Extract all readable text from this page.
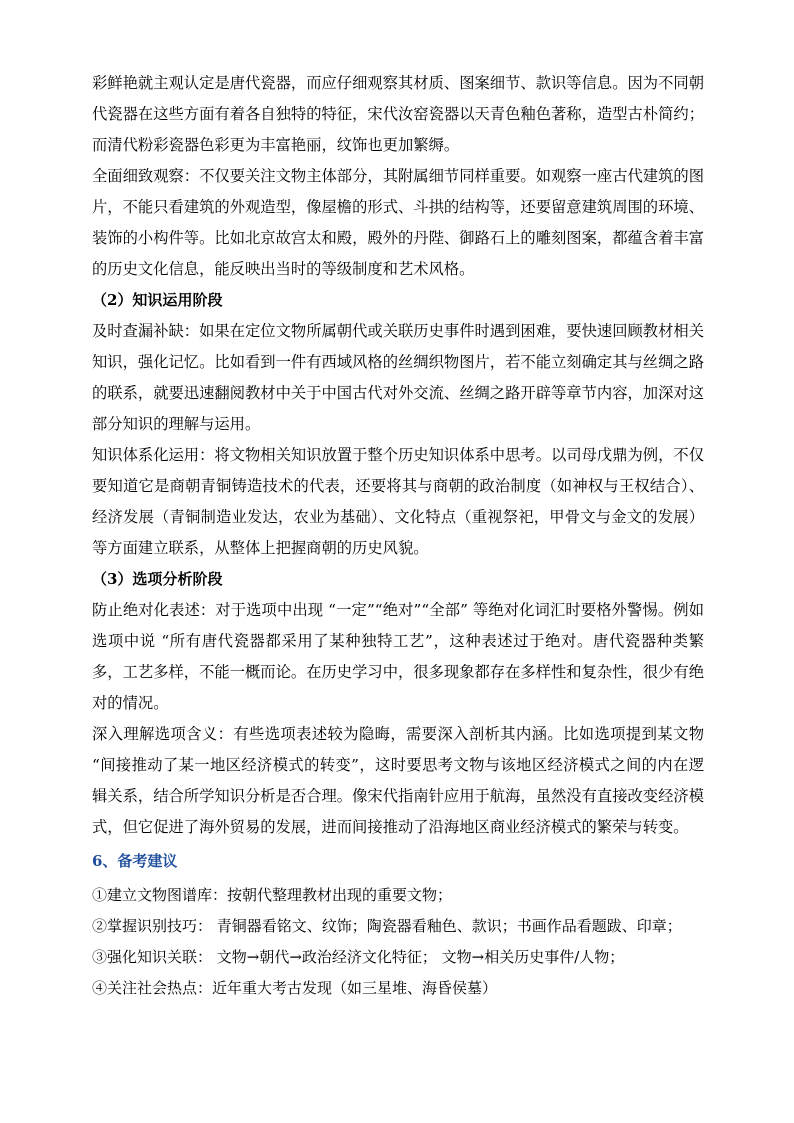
彩鲜艳就主观认定是唐代瓷器，而应仔细观察其材质、图案细节、款识等信息。因为不同朝代瓷器在这些方面有着各自独特的特征，宋代汝窑瓷器以天青色釉色著称，造型古朴简约；而清代粉彩瓷器色彩更为丰富艳丽，纹饰也更加繁缛。

全面细致观察：不仅要关注文物主体部分，其附属细节同样重要。如观察一座古代建筑的图片，不能只看建筑的外观造型，像屋檐的形式、斗拱的结构等，还要留意建筑周围的环境、装饰的小构件等。比如北京故宫太和殿，殿外的丹陛、御路石上的雕刻图案，都蕴含着丰富的历史文化信息，能反映出当时的等级制度和艺术风格。

（2）知识运用阶段

及时查漏补缺：如果在定位文物所属朝代或关联历史事件时遇到困难，要快速回顾教材相关知识，强化记忆。比如看到一件有西域风格的丝绸织物图片，若不能立刻确定其与丝绸之路的联系，就要迅速翻阅教材中关于中国古代对外交流、丝绸之路开辟等章节内容，加深对这部分知识的理解与运用。

知识体系化运用：将文物相关知识放置于整个历史知识体系中思考。以司母戊鼎为例，不仅要知道它是商朝青铜铸造技术的代表，还要将其与商朝的政治制度（如神权与王权结合）、经济发展（青铜制造业发达，农业为基础）、文化特点（重视祭祀，甲骨文与金文的发展）等方面建立联系，从整体上把握商朝的历史风貌。

（3）选项分析阶段

防止绝对化表述：对于选项中出现 “一定”“绝对”“全部” 等绝对化词汇时要格外警惕。例如选项中说 “所有唐代瓷器都采用了某种独特工艺”，这种表述过于绝对。唐代瓷器种类繁多，工艺多样，不能一概而论。在历史学习中，很多现象都存在多样性和复杂性，很少有绝对的情况。

深入理解选项含义：有些选项表述较为隐晦，需要深入剖析其内涵。比如选项提到某文物 “间接推动了某一地区经济模式的转变”，这时要思考文物与该地区经济模式之间的内在逻辑关系，结合所学知识分析是否合理。像宋代指南针应用于航海，虽然没有直接改变经济模式，但它促进了海外贸易的发展，进而间接推动了沿海地区商业经济模式的繁荣与转变。

6、备考建议

①建立文物图谱库：按朝代整理教材出现的重要文物；

②掌握识别技巧： 青铜器看铭文、纹饰；陶瓷器看釉色、款识；书画作品看题跋、印章；

③强化知识关联： 文物→朝代→政治经济文化特征； 文物→相关历史事件/人物；

④关注社会热点：近年重大考古发现（如三星堆、海昏侯墓）
